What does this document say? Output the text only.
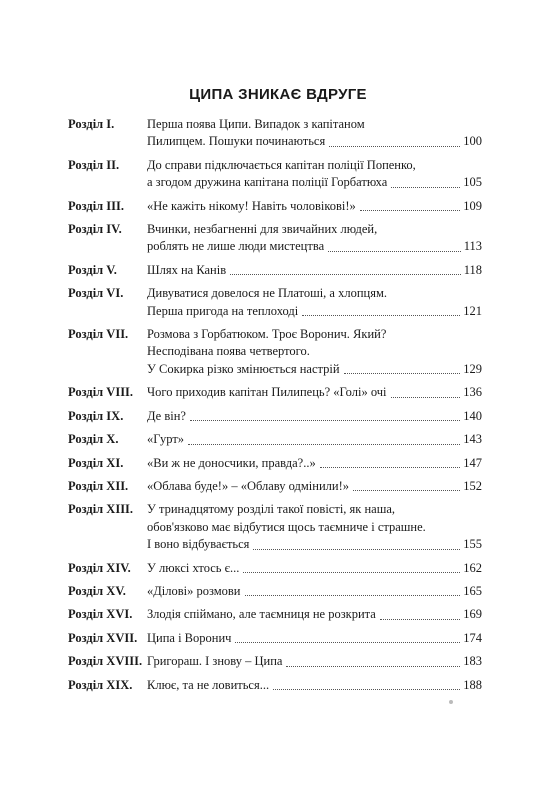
ЦИПА ЗНИКАЄ ВДРУГЕ
Розділ I.	Перша поява Ципи. Випадок з капітаном
Пилипцем. Пошуки починаються	100
Розділ II.	До справи підключається капітан поліції Попенко,
а згодом дружина капітана поліції Горбатюха	105
Розділ III.	«Не кажіть нікому! Навіть чоловікові!»	109
Розділ IV.	Вчинки, незбагненні для звичайних людей,
роблять не лише люди мистецтва	113
Розділ V.	Шлях на Канів	118
Розділ VI.	Дивуватися довелося не Платоші, а хлопцям.
Перша пригода на теплоході	121
Розділ VII.	Розмова з Горбатюком. Троє Воронич. Який?
Несподівана поява четвертого.
У Сокирка різко змінюється настрій	129
Розділ VIII.	Чого приходив капітан Пилипець? «Голі» очі	136
Розділ IX.	Де він?	140
Розділ X.	«Гурт»	143
Розділ XI.	«Ви ж не доносчики, правда?..»	147
Розділ XII.	«Облава буде!» – «Облаву одмінили!»	152
Розділ XIII.	У тринадцятому розділі такої повісті, як наша,
обов'язково має відбутися щось таємниче і страшне.
І воно відбувається	155
Розділ XIV.	У люксі хтось є...	162
Розділ XV.	«Ділові» розмови	165
Розділ XVI.	Злодія спіймано, але таємниця не розкрита	169
Розділ XVII. Ципа і Воронич	174
Розділ XVIII. Григораш. І знову – Ципа	183
Розділ XIX.	Клює, та не ловиться...	188
